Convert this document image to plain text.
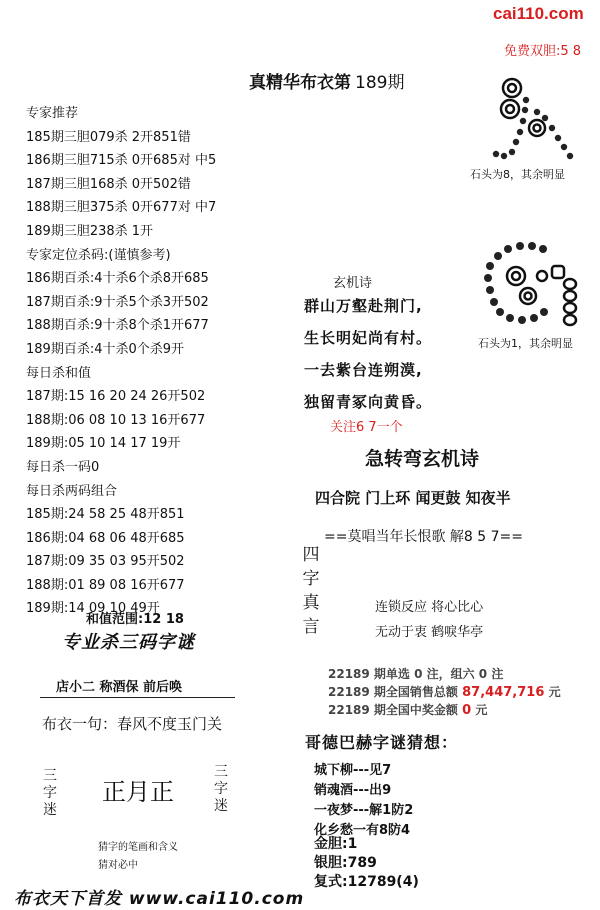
cai110.com
免费双胆:5 8
真精华布衣第 189期
专家推荐
185期三胆079杀 2开851错
186期三胆715杀 0开685对 中5
187期三胆168杀 0开502错
188期三胆375杀 0开677对 中7
189期三胆238杀 1开
专家定位杀码:(谨慎参考)
186期百杀:4十杀6个杀8开685
187期百杀:9十杀5个杀3开502
188期百杀:9十杀8个杀1开677
189期百杀:4十杀0个杀9开
每日杀和值
187期:15 16 20 24 26开502
188期:06 08 10 13 16开677
189期:05 10 14 17 19开
每日杀一码0
每日杀两码组合
185期:24 58 25 48开851
186期:04 68 06 48开685
187期:09 35 03 95开502
188期:01 89 08 16开677
189期:14 09 10 49开
和值范围:12 18
专业杀三码字谜
店小二 称酒保 前后唤
布衣一句：春风不度玉门关
三字迷
正月正
三字迷
猜字的笔画和含义
猜对必中
布衣天下首发 www.cai110.com
石头为8，其余明显
石头为1，其余明显
玄机诗
群山万壑赴荆门,
生长明妃尚有村。
一去紫台连朔漠,
独留青冢向黄昏。
关注6 7一个
急转弯玄机诗
四合院 门上环 闻更鼓 知夜半
==莫唱当年长恨歌 解8 5 7==
四字真言
连锁反应 将心比心
无动于衷 鹤唳华亭
22189 期单选 0 注，组六 0 注
22189 期全国销售总额 87,447,716 元
22189 期全国中奖金额 0 元
哥德巴赫字谜猜想：
城下柳---见7
销魂酒---出9
一夜梦---解1防2
化乡愁一有8防4
金胆:1
银胆:789
复式:12789(4)
